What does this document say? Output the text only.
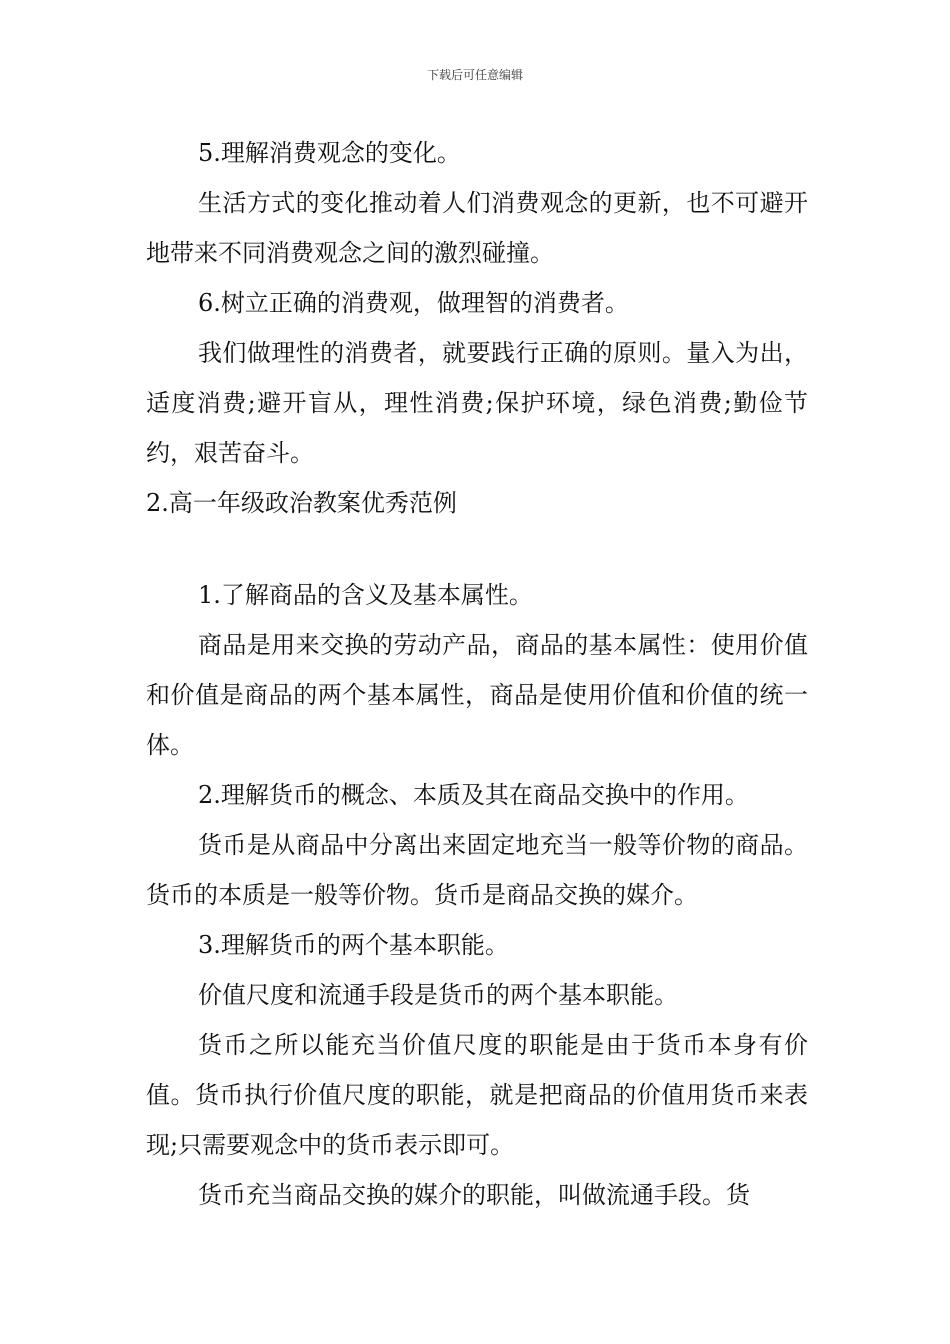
下载后可任意编辑

5.理解消费观念的变化。

生活方式的变化推动着人们消费观念的更新，也不可避开地带来不同消费观念之间的激烈碰撞。

6.树立正确的消费观，做理智的消费者。

我们做理性的消费者，就要践行正确的原则。量入为出，适度消费;避开盲从，理性消费;保护环境，绿色消费;勤俭节约，艰苦奋斗。

2.高一年级政治教案优秀范例

1.了解商品的含义及基本属性。

商品是用来交换的劳动产品，商品的基本属性：使用价值和价值是商品的两个基本属性，商品是使用价值和价值的统一体。

2.理解货币的概念、本质及其在商品交换中的作用。

货币是从商品中分离出来固定地充当一般等价物的商品。货币的本质是一般等价物。货币是商品交换的媒介。

3.理解货币的两个基本职能。

价值尺度和流通手段是货币的两个基本职能。

货币之所以能充当价值尺度的职能是由于货币本身有价值。货币执行价值尺度的职能，就是把商品的价值用货币来表现;只需要观念中的货币表示即可。

货币充当商品交换的媒介的职能，叫做流通手段。货
